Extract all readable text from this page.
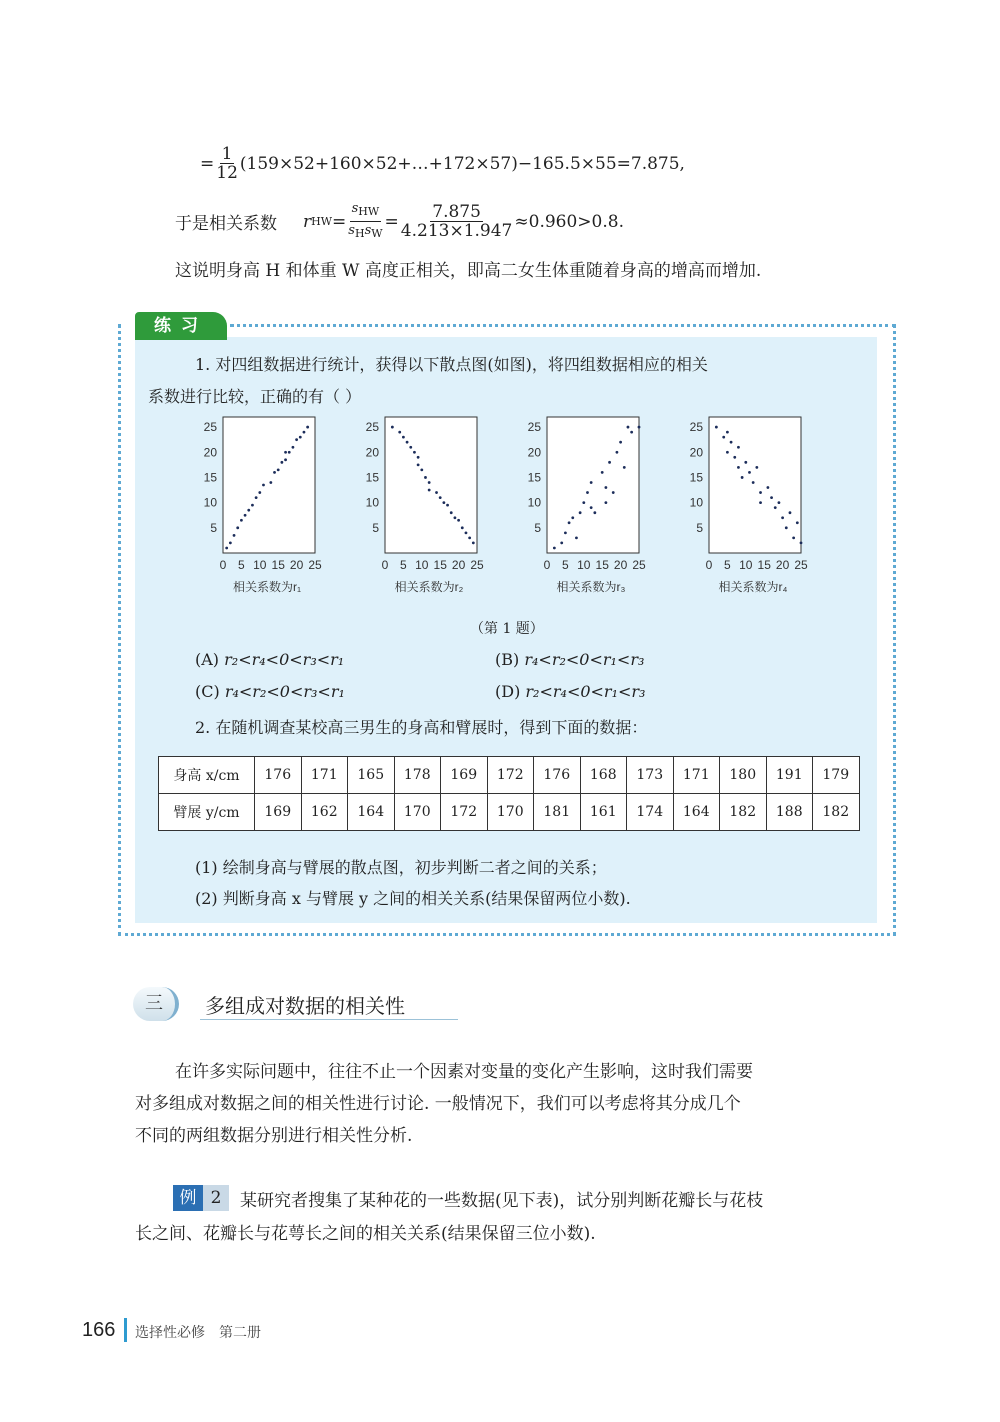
= $\frac{1}{12}$ (159×52+160×52+…+172×57)−165.5×55=7.875,
于是相关系数 r HW = $\frac{s_{HW}}{s_Hs_W} = \frac{7.875}{4.213\times 1.947} \approx 0.960>0.8$.
这说明身高 H 和体重 W 高度正相关，即高二女生体重随着身高的增高而增加.
练习
1. 对四组数据进行统计，获得以下散点图(如图)，将四组数据相应的相关
系数进行比较，正确的有（ ）
5
10
15
20
25
0 5 10 15 20 25
5
10
15
20
25
0 5 10 15 20 25
5
10
15
20
25
0 5 10 15 20 25
5
10
15
20
25
0 5 10 15 20 25
相关系数为r₁	相关系数为r₂	相关系数为r₃	相关系数为r₄
（第 1 题）
(A) r₂<r₄<0<r₃<r₁	(B) r₄<r₂<0<r₁<r₃
(C) r₄<r₂<0<r₃<r₁	(D) r₂<r₄<0<r₁<r₃
2. 在随机调查某校高三男生的身高和臂展时，得到下面的数据：
身高 x/cm	176	171	165	178	169	172	176	168	173	171	180	191	179
臂展 y/cm	169	162	164	170	172	170	181	161	174	164	182	188	182
(1) 绘制身高与臂展的散点图，初步判断二者之间的关系；
(2) 判断身高 x 与臂展 y 之间的相关关系(结果保留两位小数).
三	多组成对数据的相关性
在许多实际问题中，往往不止一个因素对变量的变化产生影响，这时我们需要
对多组成对数据之间的相关性进行讨论. 一般情况下，我们可以考虑将其分成几个
不同的两组数据分别进行相关性分析.
例 2	某研究者搜集了某种花的一些数据(见下表)，试分别判断花瓣长与花枝
长之间、花瓣长与花萼长之间的相关关系(结果保留三位小数).
166 选择性必修　第二册
